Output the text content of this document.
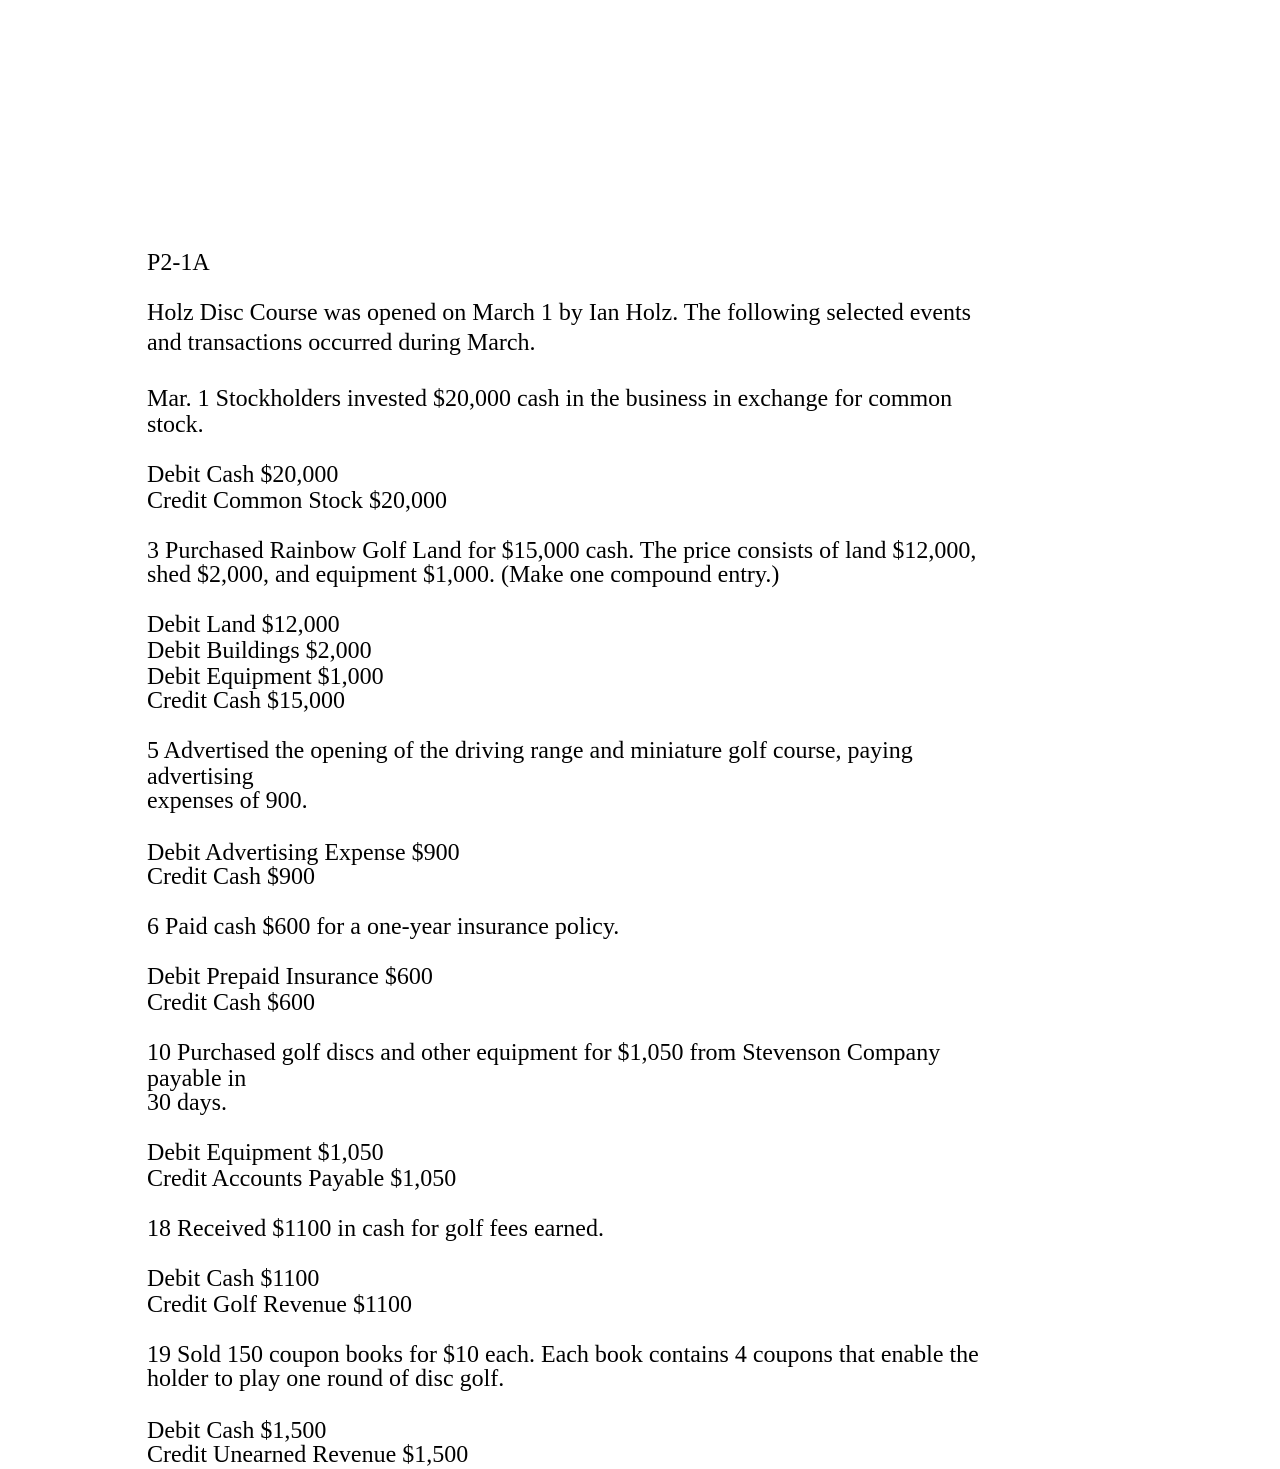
P2-1A
Holz Disc Course was opened on March 1 by Ian Holz. The following selected events
and transactions occurred during March.
Mar. 1 Stockholders invested $20,000 cash in the business in exchange for common
stock.
Debit Cash $20,000
Credit Common Stock $20,000
3 Purchased Rainbow Golf Land for $15,000 cash. The price consists of land $12,000,
shed $2,000, and equipment $1,000. (Make one compound entry.)
Debit Land $12,000
Debit Buildings $2,000
Debit Equipment $1,000
Credit Cash $15,000
5 Advertised the opening of the driving range and miniature golf course, paying
advertising
expenses of 900.
Debit Advertising Expense $900
Credit Cash $900
6 Paid cash $600 for a one-year insurance policy.
Debit Prepaid Insurance $600
Credit Cash $600
10 Purchased golf discs and other equipment for $1,050 from Stevenson Company
payable in
30 days.
Debit Equipment $1,050
Credit Accounts Payable $1,050
18 Received $1100 in cash for golf fees earned.
Debit Cash $1100
Credit Golf Revenue $1100
19 Sold 150 coupon books for $10 each. Each book contains 4 coupons that enable the
holder to play one round of disc golf.
Debit Cash $1,500
Credit Unearned Revenue $1,500
